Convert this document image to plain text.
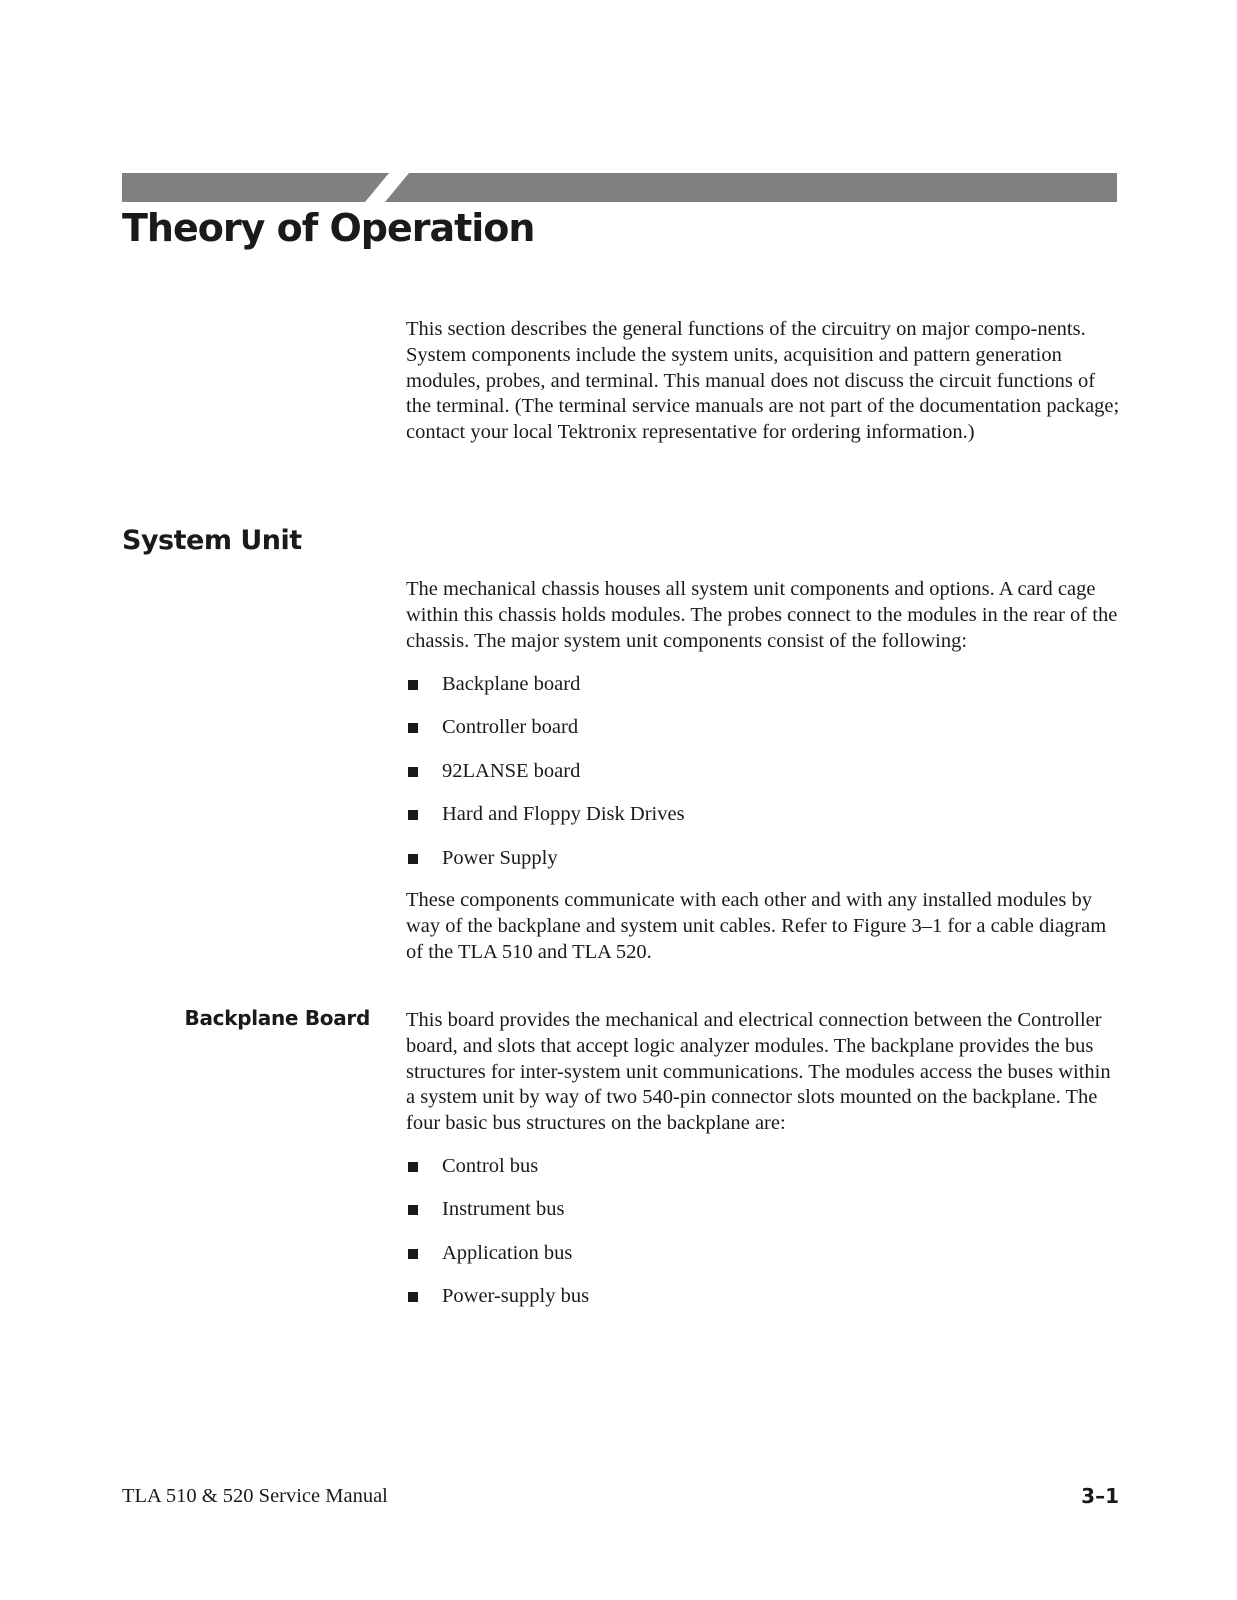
Theory of Operation

This section describes the general functions of the circuitry on major compo-nents. System components include the system units, acquisition and pattern generation modules, probes, and terminal. This manual does not discuss the circuit functions of the terminal. (The terminal service manuals are not part of the documentation package; contact your local Tektronix representative for ordering information.)

System Unit

The mechanical chassis houses all system unit components and options. A card cage within this chassis holds modules. The probes connect to the modules in the rear of the chassis. The major system unit components consist of the following:

Backplane board
Controller board
92LANSE board
Hard and Floppy Disk Drives
Power Supply

These components communicate with each other and with any installed modules by way of the backplane and system unit cables. Refer to Figure 3–1 for a cable diagram of the TLA 510 and TLA 520.

Backplane Board This board provides the mechanical and electrical connection between the Controller board, and slots that accept logic analyzer modules. The backplane provides the bus structures for inter-system unit communications. The modules access the buses within a system unit by way of two 540-pin connector slots mounted on the backplane. The four basic bus structures on the backplane are:

Control bus
Instrument bus
Application bus
Power-supply bus

TLA 510 & 520 Service Manual	3–1
